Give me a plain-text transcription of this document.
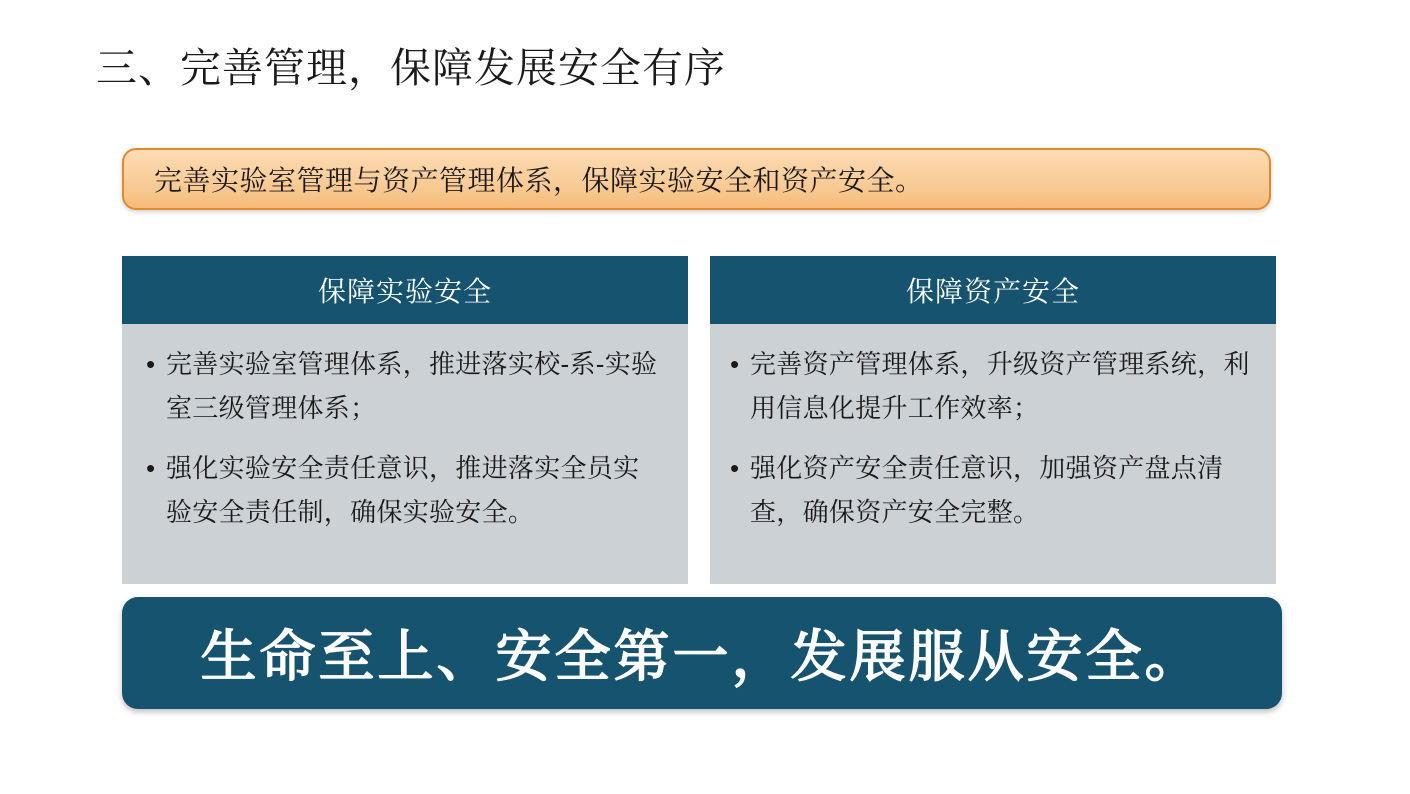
三、完善管理，保障发展安全有序
完善实验室管理与资产管理体系，保障实验安全和资产安全。
保障实验安全
• 完善实验室管理体系，推进落实校-系-实验室三级管理体系；
• 强化实验安全责任意识，推进落实全员实验安全责任制，确保实验安全。
保障资产安全
• 完善资产管理体系，升级资产管理系统，利用信息化提升工作效率；
• 强化资产安全责任意识，加强资产盘点清查，确保资产安全完整。
生命至上、安全第一，发展服从安全。
